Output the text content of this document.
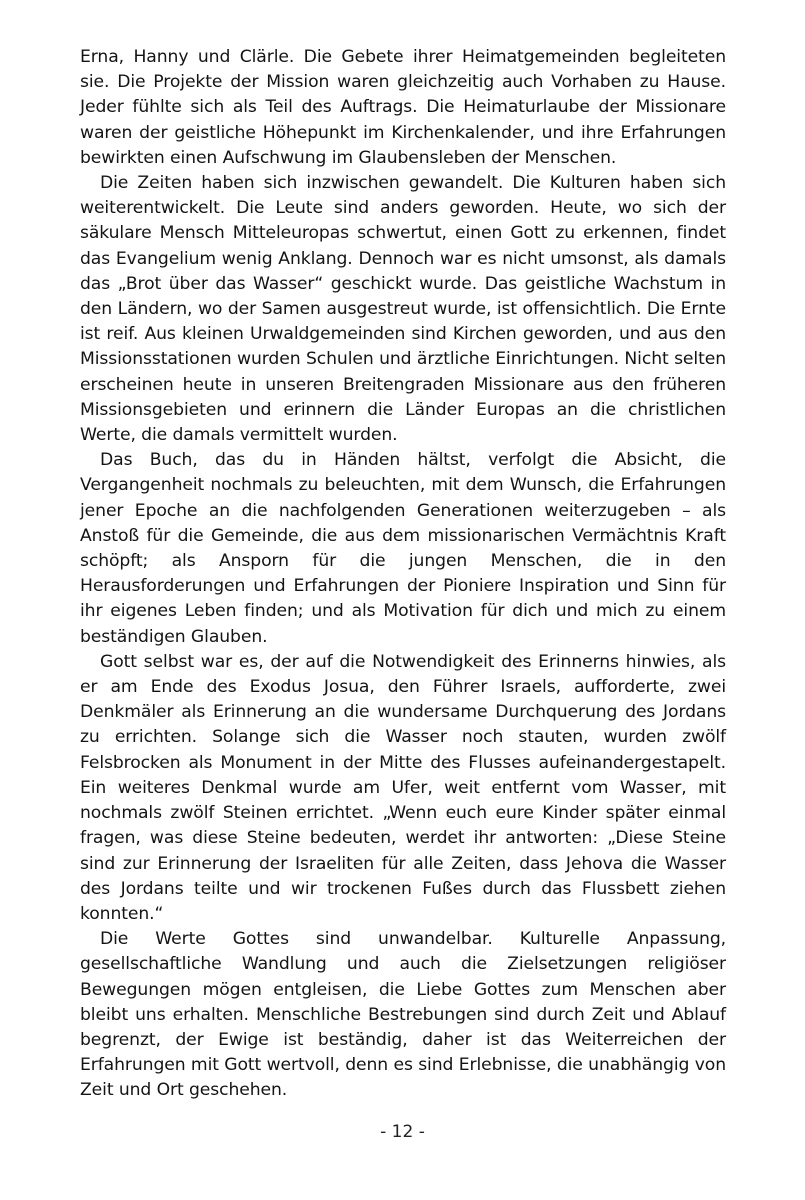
Erna, Hanny und Clärle. Die Gebete ihrer Heimatgemeinden begleiteten sie. Die Projekte der Mission waren gleichzeitig auch Vorhaben zu Hause. Jeder fühlte sich als Teil des Auftrags. Die Heimaturlaube der Missionare waren der geistliche Höhepunkt im Kirchenkalender, und ihre Erfahrungen bewirkten einen Aufschwung im Glaubensleben der Menschen.

Die Zeiten haben sich inzwischen gewandelt. Die Kulturen haben sich weiterentwickelt. Die Leute sind anders geworden. Heute, wo sich der säkulare Mensch Mitteleuropas schwertut, einen Gott zu erkennen, findet das Evangelium wenig Anklang. Dennoch war es nicht umsonst, als damals das „Brot über das Wasser“ geschickt wurde. Das geistliche Wachstum in den Ländern, wo der Samen ausgestreut wurde, ist offensichtlich. Die Ernte ist reif. Aus kleinen Urwaldgemeinden sind Kirchen geworden, und aus den Missionsstationen wurden Schulen und ärztliche Einrichtungen. Nicht selten erscheinen heute in unseren Breitengraden Missionare aus den früheren Missionsgebieten und erinnern die Länder Europas an die christlichen Werte, die damals vermittelt wurden.

Das Buch, das du in Händen hältst, verfolgt die Absicht, die Vergangenheit nochmals zu beleuchten, mit dem Wunsch, die Erfahrungen jener Epoche an die nachfolgenden Generationen weiterzugeben – als Anstoß für die Gemeinde, die aus dem missionarischen Vermächtnis Kraft schöpft; als Ansporn für die jungen Menschen, die in den Herausforderungen und Erfahrungen der Pioniere Inspiration und Sinn für ihr eigenes Leben finden; und als Motivation für dich und mich zu einem beständigen Glauben.

Gott selbst war es, der auf die Notwendigkeit des Erinnerns hinwies, als er am Ende des Exodus Josua, den Führer Israels, aufforderte, zwei Denkmäler als Erinnerung an die wundersame Durchquerung des Jordans zu errichten. Solange sich die Wasser noch stauten, wurden zwölf Felsbrocken als Monument in der Mitte des Flusses aufeinandergestapelt. Ein weiteres Denkmal wurde am Ufer, weit entfernt vom Wasser, mit nochmals zwölf Steinen errichtet. „Wenn euch eure Kinder später einmal fragen, was diese Steine bedeuten, werdet ihr antworten: „Diese Steine sind zur Erinnerung der Israeliten für alle Zeiten, dass Jehova die Wasser des Jordans teilte und wir trockenen Fußes durch das Flussbett ziehen konnten.“

Die Werte Gottes sind unwandelbar. Kulturelle Anpassung, gesellschaftliche Wandlung und auch die Zielsetzungen religiöser Bewegungen mögen entgleisen, die Liebe Gottes zum Menschen aber bleibt uns erhalten. Menschliche Bestrebungen sind durch Zeit und Ablauf begrenzt, der Ewige ist beständig, daher ist das Weiterreichen der Erfahrungen mit Gott wertvoll, denn es sind Erlebnisse, die unabhängig von Zeit und Ort geschehen.

- 12 -
